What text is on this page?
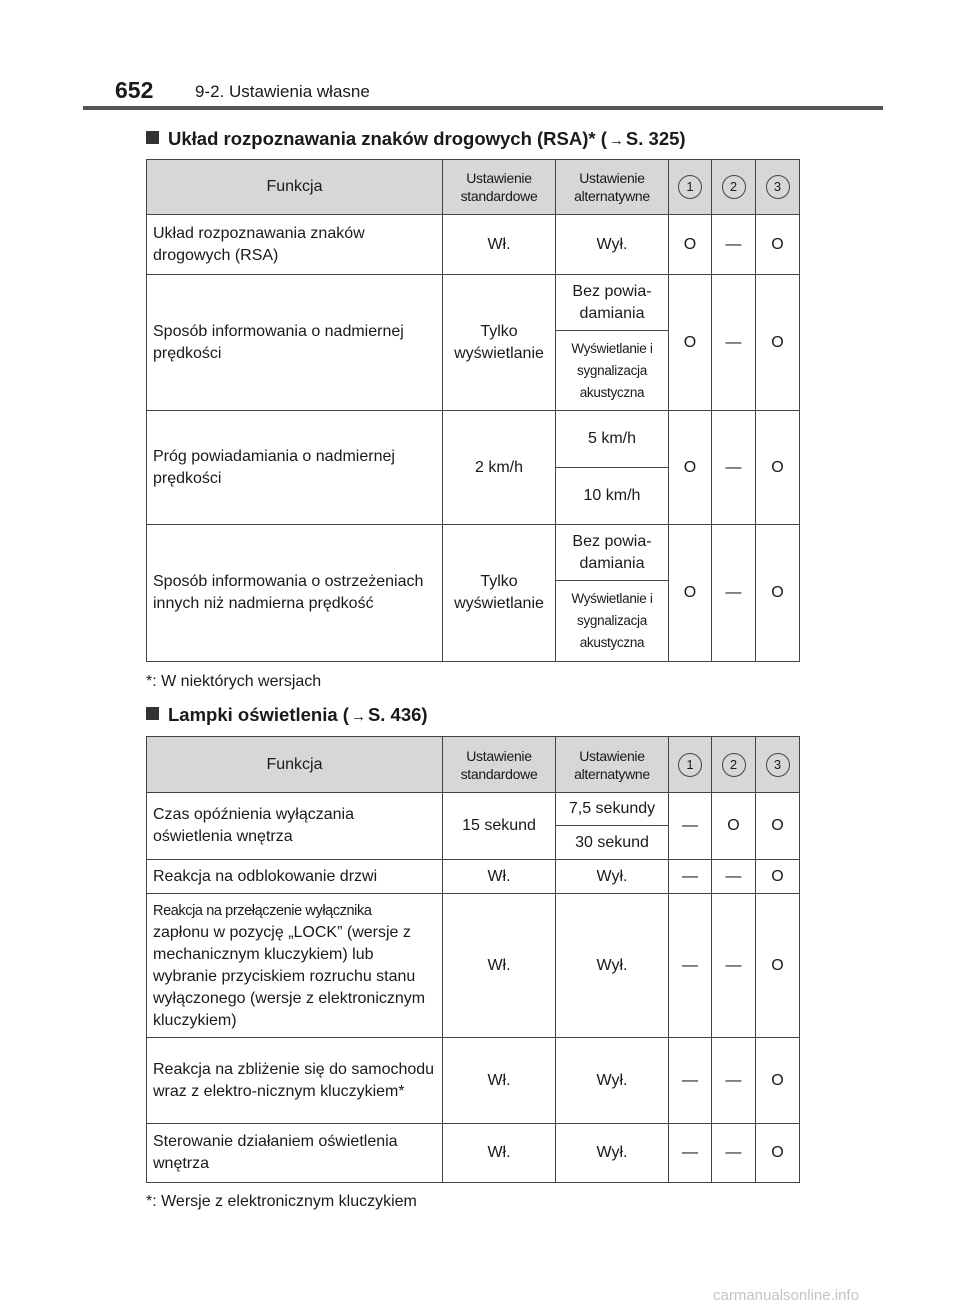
652 9-2. Ustawienia własne
Układ rozpoznawania znaków drogowych (RSA)* ( → S. 325)
Funkcja	Ustawienie standardowe	Ustawienie alternatywne	1	2	3
Układ rozpoznawania znaków drogowych (RSA)	Wł.	Wył.	O	—	O
Sposób informowania o nadmiernej prędkości	Tylko wyświetlanie	Bez powia-damiania	O	—	O
		Wyświetlanie i sygnalizacja akustyczna			
Próg powiadamiania o nadmiernej prędkości	2 km/h	5 km/h	O	—	O
		10 km/h			
Sposób informowania o ostrzeżeniach innych niż nadmierna prędkość	Tylko wyświetlanie	Bez powia-damiania	O	—	O
		Wyświetlanie i sygnalizacja akustyczna			
*: W niektórych wersjach
Lampki oświetlenia ( → S. 436)
Funkcja	Ustawienie standardowe	Ustawienie alternatywne	1	2	3
Czas opóźnienia wyłączania oświetlenia wnętrza	15 sekund	7,5 sekundy	—	O	O
		30 sekund			
Reakcja na odblokowanie drzwi	Wł.	Wył.	—	—	O

Reakcja na przełączenie wyłącznika
zapłonu w pozycję „LOCK” (wersje z mechanicznym kluczykiem) lub wybranie przyciskiem rozruchu stanu wyłączonego (wersje z elektronicznym kluczykiem)	Wł.	Wył.	—	—	O
Reakcja na zbliżenie się do samochodu wraz z elektro-nicznym kluczykiem*	Wł.	Wył.	—	—	O
Sterowanie działaniem oświetlenia wnętrza	Wł.	Wył.	—	—	O
*: Wersje z elektronicznym kluczykiem
carmanualsonline.info
